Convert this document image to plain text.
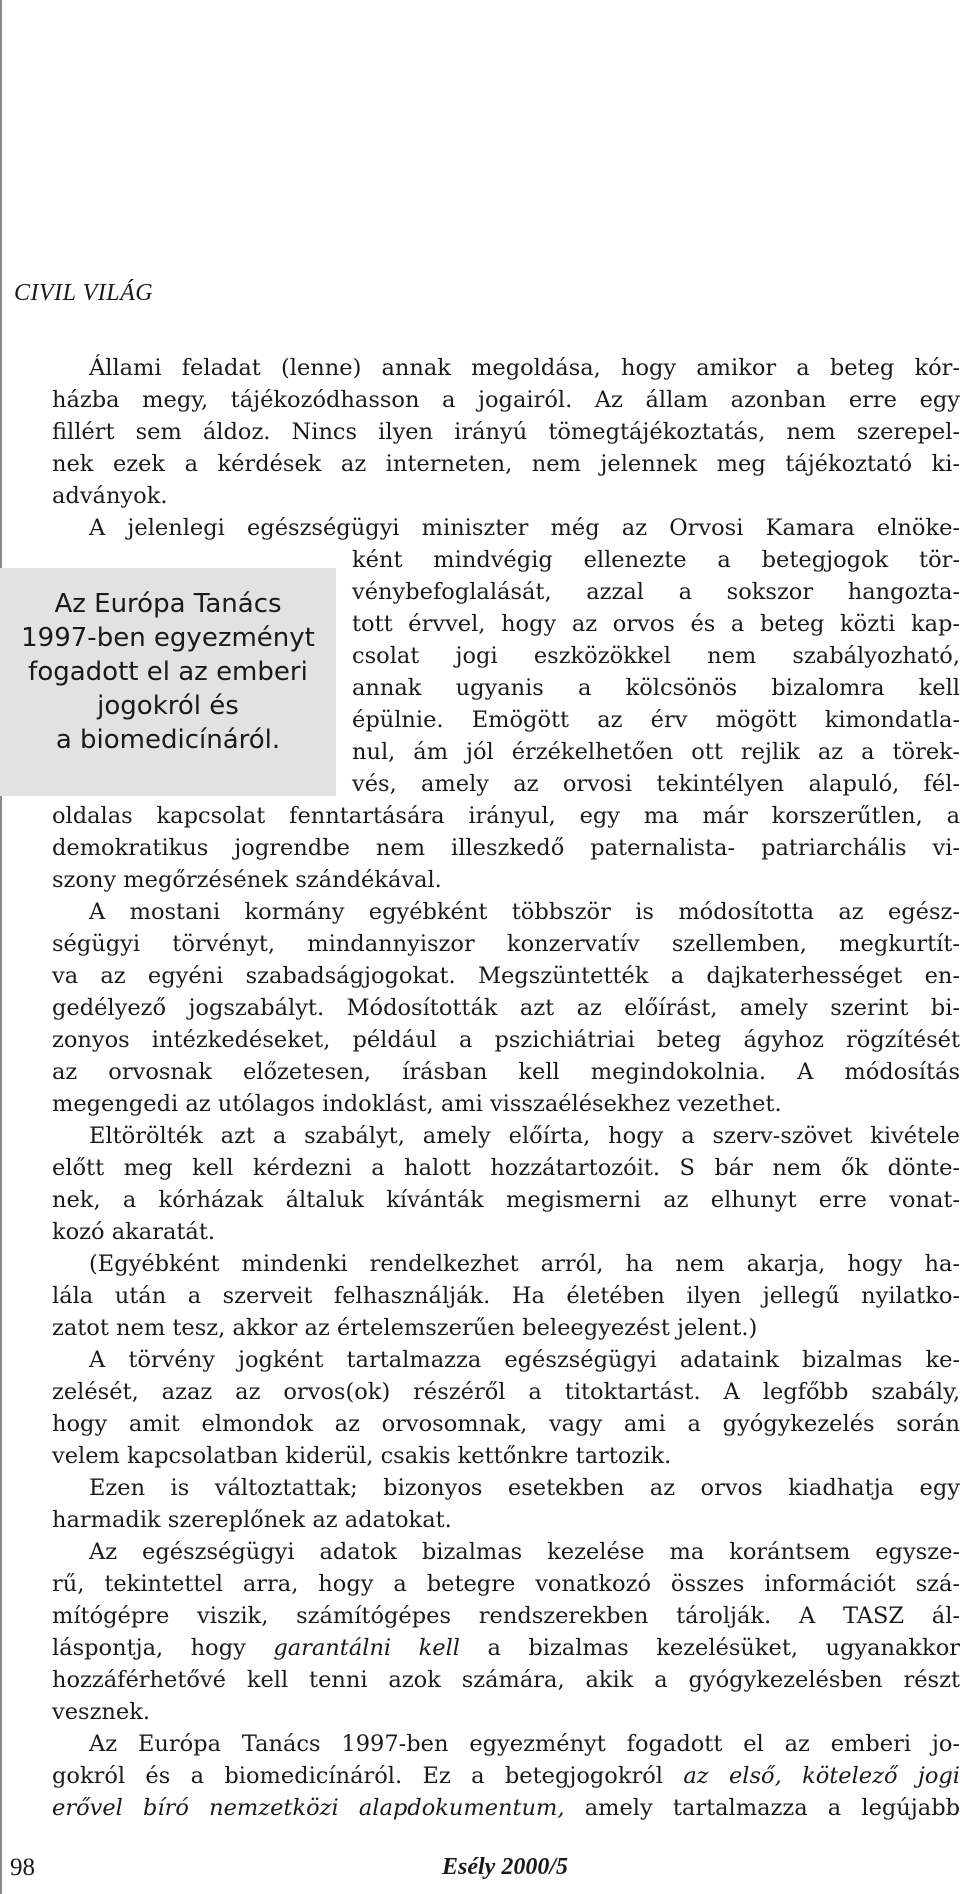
CIVIL VILÁG
Az Európa Tanács
1997-ben egyezményt
fogadott el az emberi
jogokról és
a biomedicínáról.
Állami feladat (lenne) annak megoldása, hogy amikor a beteg kór-
házba megy, tájékozódhasson a jogairól. Az állam azonban erre egy
fillért sem áldoz. Nincs ilyen irányú tömegtájékoztatás, nem szerepel-
nek ezek a kérdések az interneten, nem jelennek meg tájékoztató ki-
adványok.
A jelenlegi egészségügyi miniszter még az Orvosi Kamara elnöke-
ként mindvégig ellenezte a betegjogok tör-
vénybefoglalását, azzal a sokszor hangozta-
tott érvvel, hogy az orvos és a beteg közti kap-
csolat jogi eszközökkel nem szabályozható,
annak ugyanis a kölcsönös bizalomra kell
épülnie. Emögött az érv mögött kimondatla-
nul, ám jól érzékelhetően ott rejlik az a törek-
vés, amely az orvosi tekintélyen alapuló, fél-
oldalas kapcsolat fenntartására irányul, egy ma már korszerűtlen, a
demokratikus jogrendbe nem illeszkedő paternalista- patriarchális vi-
szony megőrzésének szándékával.
A mostani kormány egyébként többször is módosította az egész-
ségügyi törvényt, mindannyiszor konzervatív szellemben, megkurtít-
va az egyéni szabadságjogokat. Megszüntették a dajkaterhességet en-
gedélyező jogszabályt. Módosították azt az előírást, amely szerint bi-
zonyos intézkedéseket, például a pszichiátriai beteg ágyhoz rögzítését
az orvosnak előzetesen, írásban kell megindokolnia. A módosítás
megengedi az utólagos indoklást, ami visszaélésekhez vezethet.
Eltörölték azt a szabályt, amely előírta, hogy a szerv-szövet kivétele
előtt meg kell kérdezni a halott hozzátartozóit. S bár nem ők dönte-
nek, a kórházak általuk kívánták megismerni az elhunyt erre vonat-
kozó akaratát.
(Egyébként mindenki rendelkezhet arról, ha nem akarja, hogy ha-
lála után a szerveit felhasználják. Ha életében ilyen jellegű nyilatko-
zatot nem tesz, akkor az értelemszerűen beleegyezést jelent.)
A törvény jogként tartalmazza egészségügyi adataink bizalmas ke-
zelését, azaz az orvos(ok) részéről a titoktartást. A legfőbb szabály,
hogy amit elmondok az orvosomnak, vagy ami a gyógykezelés során
velem kapcsolatban kiderül, csakis kettőnkre tartozik.
Ezen is változtattak; bizonyos esetekben az orvos kiadhatja egy
harmadik szereplőnek az adatokat.
Az egészségügyi adatok bizalmas kezelése ma korántsem egysze-
rű, tekintettel arra, hogy a betegre vonatkozó összes információt szá-
mítógépre viszik, számítógépes rendszerekben tárolják. A TASZ ál-
láspontja, hogy garantálni kell a bizalmas kezelésüket, ugyanakkor
hozzáférhetővé kell tenni azok számára, akik a gyógykezelésben részt
vesznek.
Az Európa Tanács 1997-ben egyezményt fogadott el az emberi jo-
gokról és a biomedicínáról. Ez a betegjogokról az első, kötelező jogi
erővel bíró nemzetközi alapdokumentum, amely tartalmazza a legújabb
98	Esély 2000/5
